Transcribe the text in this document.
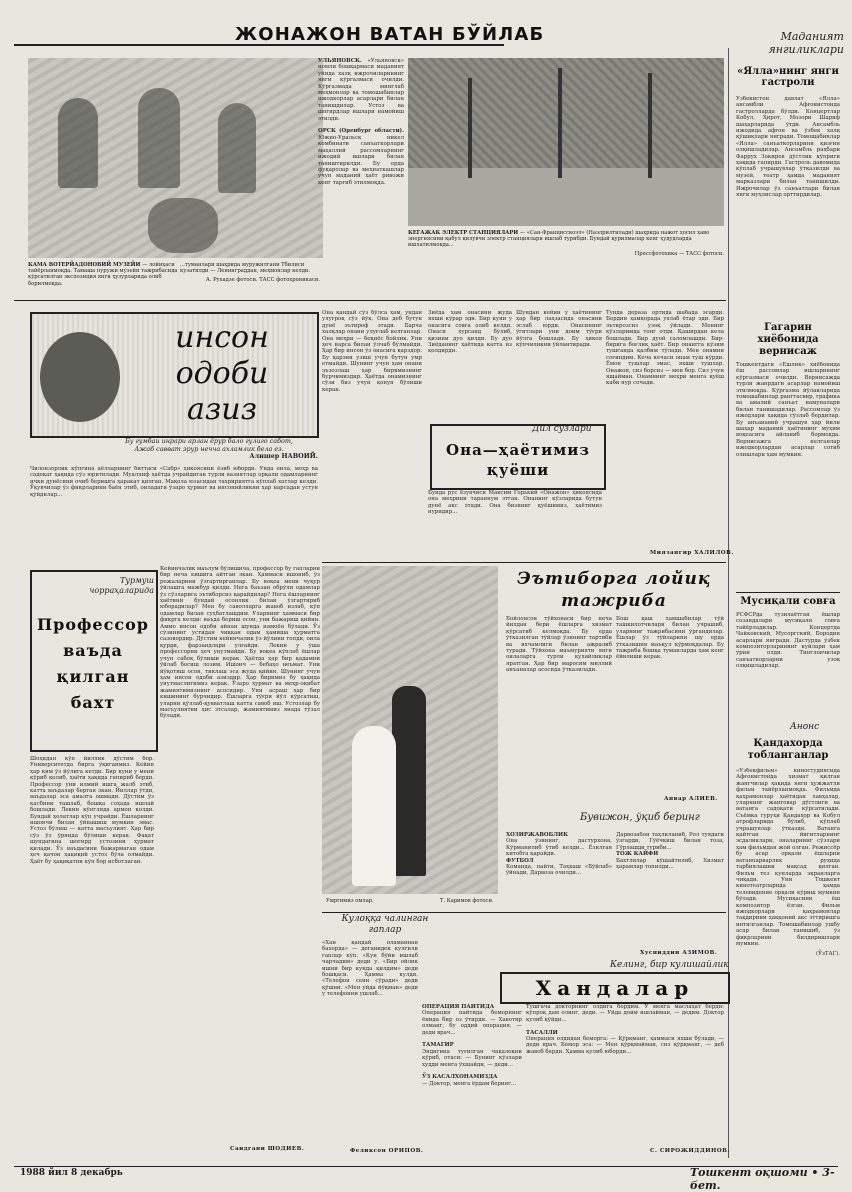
ЖОНАЖОН ВАТАН БЎЙЛАБ	Маданият янгиликлари
КАМА ВОТЕРЙАДОНОВИЙ МУЗЕЙИ — лойиҳаси тайёрланмоқда. Тамаша пуружи музейи тажрибасида кўрсатилган экспозиция янги ҳузурларида олиб борилмоқда.
...туманлари шаҳрида муружилгани Тбилиси кузатилди — Ленинграддан, меҳмонлар келди.
А. Рухадзе фотоси. ТАСС фотохроникаси.
УЛЬЯНОВСК. «Ульяновск» номли бошқармаси маданият уйида халқ ижрочиларининг янги кўргазмаси очилди. Кўргазмада минглаб меҳмонлар ва томошабинлар ижодкорлар асарлари билан танишдилар. Устоз ва шогирдлар ишлари намойиш этилди.

ОРСК (Оренбург области). Южно-Уральск никел комбинати санъаткорлари маҳаллий рассомларнинг ижодий ишлари билан таништирилди. Бу ерда фуқаролар ва меҳнаткашлар учун маданий ҳаёт ривожи кенг тарғиб этилмоқда.
КЕГАЖАК ЭЛЕКТР СТАНЦИЯЛАРИ — «Сан-Францисскоэл» (Наэлрилтилади) шаҳрида нажот ҳосил ҳаво энергиясини қабул қилувчи электр станциялари ишлаб турибди. Бундай қурилмалар кенг ҳудудларда ишлатилмоқда...
Прессфотохика — ТАСС фотоси.
«Ялла»нинг янги гастроли
Ўзбекистон давлат «Ялла» ансамбли Афғонистонда гастролларда бўлди. Концертлар Кобул, Ҳирот, Мозори Шариф шаҳарларида ўтди. Ансамбль ижодида афғон ва ўзбек халқ қўшиқлари янгради. Томошабинлар «Ялла» санъаткорларини қизғин олқишладилар. Ансамбль раҳбари Фаррух Зокиров дўстлик кўприги ҳақида гапирди. Гастроль давомида кўплаб учрашувлар ўтказилди ва музей, театр ҳамда маданият марказлари билан танишилди. Ижрочилар ўз санъатлари билан янги муҳлислар орттирдилар.
Гагарин хиёбонида вернисаж
Тошкентдаги «Ёшлик» хиёбонида ёш рассомлар ишларининг кўргазмаси очилди. Вернисажда турли жанрдаги асарлар намойиш этилмоқда. Кўргазма йўлакларида томошабинлар рангтасвир, графика ва амалий санъат намуналари билан танишадилар. Рассомлар ўз ижодлари ҳақида сўзлаб бердилар. Бу анъанавий учрашув ҳар йили шаҳар маданий ҳаётининг муҳим воқеасига айланиб бормоқда. Вернисажга келганлар ижодкорлардан асарлар сотиб олишлари ҳам мумкин.
Мусиқали совға
РСФСРда тузилаётган ёшлар созандалари мусиқали совға тайёрладилар. Концертда Чайковский, Мусоргский, Бородин асарлари янгради. Дастурда ўзбек композиторларининг куйлари ҳам ўрин олди. Тингловчилар санъаткорларни узоқ олқишладилар.
Анонс
Қандахорда тобланганлар
«Ўзбекфильм» киностудиясида Афғонистонда хизмат қилган жангчилар ҳақида янги ҳужжатли фильм тайёрланмоқда. Фильмда қаҳрамонлар ҳаётидан лавҳалар, уларнинг жанговар дўстлиги ва ватанга садоқати кўрсатилади. Съёмка гуруҳи Қандаҳор ва Кобул атрофларида бўлиб, кўплаб учрашувлар ўтказди. Ватанга қайтган йигитларнинг эсдаликлари, оналарнинг сўзлари ҳам фильмдан жой олган. Режиссёр бу асар орқали ёшларни ватанпарварлик руҳида тарбиялашни мақсад қилган. Фильм тез кунларда экранларга чиқади. Уни Тошкент кинотеатрларида ҳамда телевидение орқали кўриш мумкин бўлади. Мусиқасини ёш композитор ёзган. Фильм ижодкорлари қаҳрамонлар тақдирини ҳаққоний акс эттиришга интилганлар. Томошабинлар ушбу асар билан танишиб, ўз фикрларини билдиришлари мумкин.
(ЎзТАГ).
инсон одоби азиз
Бу гумбаи инрари арлан ёрур бало гулиго сабот,
Ажаб савват эрур нечча ахламлик бела ез.
Алишер НАВОИЙ.
Чилонзорлик кўпгина аёлларнинг биттаси «Сабр» ҳикоясини ёзиб юборди. Унда оила, меҳр ва садоқат ҳақида сўз юритилади. Муаллиф ҳаётда учрайдиган турли вазиятлар орқали одамларнинг ички дунёсини очиб беришга ҳаракат қилган. Мақола юзасидан тахририятга кўплаб хатлар келди. Ўқувчилар ўз фикрларини баён этиб, оиладаги ўзаро ҳурмат ва инсонийликни ҳар нарсадан устун қўйдилар...
Турмуш чорраҳаларида
Профессор ваъда қилган бахт
Шоҳидан кўп йиллик дўстим бор. Университетда бирга ўқиганмиз. Кейин ҳар ким ўз йўлига кетди. Бир куни у мени кўриб қолиб, ҳаёти ҳақида гапириб берди. Профессор уни илмий ишга жалб этиб, катта ваъдалар берган экан. Йиллар ўтди, ваъдалар эса амалга ошмади. Дўстим ўз касбини ташлаб, бошқа соҳада ишлай бошлади. Лекин кўнглида армон қолди. Бундай ҳолатлар кўп учрайди. Ёшларнинг ишончи билан ўйнашиш мумкин эмас. Устоз бўлиш — катта масъулият. Ҳар бир сўз ўз ўрнида бўлиши керак. Фақат шундагина шогирд устозини ҳурмат қилади. Ўз ваъдасини бажармаган одам ҳеч қачон ҳақиқий устоз бўла олмайди. Ҳаёт бу ҳақиқатни кўп бор исботлаган.
Кейинчалик маълум бўлишича, профессор бу гапларни бир неча кишига айтган экан. Ҳаммаси ишониб, ўз режаларини ўзгартирганлар. Бу воқеа мени чуқур ўйлашга мажбур қилди. Нега баъзан обрўли одамлар ўз сўзларига эътиборсиз қарайдилар? Нега ёшларнинг ҳаётини бундай осонлик билан ўзгартириб юборадилар? Мен бу саволларга жавоб излаб, кўп одамлар билан суҳбатлашдим. Уларнинг ҳаммаси бир фикрга келди: ваъда бериш осон, уни бажариш қийин. Аммо инсон одоби айнан шунда намоён бўлади. Ўз сўзининг устидан чиққан одам ҳамиша ҳурматга сазовордир. Дўстим кейинчалик ўз йўлини топди, оила қурди, фарзандлари улғайди. Лекин у ўша профессорни ҳеч унутмайди. Бу воқеа кўплаб ёшлар учун сабоқ бўлиши керак. Ҳаётда ҳар бир қадамни ўйлаб босиш лозим. Ишонч — бебаҳо неъмат. Уни йўқотиш осон, тиклаш эса жуда қийин. Шунинг учун ҳам инсон одоби азиздир. Ҳар биримиз бу ҳақида унутмаслигимиз керак. Ўзаро ҳурмат ва меҳр-оқибат жамиятимизнинг асосидир. Уни асраш ҳар бир кишининг бурчидир. Ёшларга тўғри йўл кўрсатиш, уларни қўллаб-қувватлаш катта савоб иш. Устозлар бу масъулиятни ҳис этсалар, жамиятимиз янада гўзал бўлади.
Саидгани ШОДИЕВ.
Она қандай сўз бўлса ҳам, ундан улуғроқ сўз йўқ. Она деб бутун дунё эътироф этади. Барча халқлар онани улуғлаб келганлар. Она меҳри — беқиёс бойлик. Уни ҳеч нарса билан ўлчаб бўлмайди. Ҳар бир инсон ўз онасига қарздор. Бу қарзни узиш учун бутун умр етмайди. Шунинг учун ҳам онани эъзозлаш ҳар биримизнинг бурчимиздир. Ҳаётда онамизнинг сўзи биз учун қонун бўлиши керак.
Зиёда ҳам онасини жуда яхши кўрар эди. Бир куни у онасига совға олиб келди. Онаси хурсанд бўлиб, қизини дуо қилди. Бу дуо Зиёданинг ҳаётида катта из қолдирди.
Шундан кейин у ҳаётининг ҳар бир лаҳзасида онасини эслаб юрди. Онасининг ўгитлари уни доим тўғри йўлга бошлади. Бу ҳикоя кўпчиликни ўйлантиради.
Тунда дераза ортида шабада эсарди. Бердин ҳамқорада ухлаб ётар эди. Бир эътирозсиз узоқ ўйлади. Менинг кўзларимда тонг отди. Қаширдан кела бошлади. Бир дуой саломлашди. Бир-бирига боғлиқ ҳаёт. Бир онангга кўзим тушганда қалбим тўлади. Мен онамни соғиндим. Кеча кечаси онам туш кўрди. Ёмон тушлар эмас, яхши тушлар. Онажон, сиз борсиз — мен бор. Сиз учун яшайман. Онамнинг меҳри менга қуёш каби нур сочади.
Дил сўзлари
Она—ҳаётимиз қуёши
Бунда рус ёзувчиси Максим Горький «Онажон» ҳикоясида она меҳрини тараннум этган. Онанинг кўзларида бутун дунё акс этади. Она бизнинг қуёшимиз, ҳаётимиз нуридир...
Миязангир ХАЛИЛОВ.
Умргимиз омлар.	Т. Каримов фотоси.
Эътиборга лойиқ тажриба
Бойлонсон тўйхонаси бир неча йилдан бери ёшларга хизмат кўрсатиб келмоқда. Бу ерда ўтказилган тўйлар ўзининг тартиби ва ихчамлиги билан ажралиб туради. Тўйхона маъмурияти янги оилаларга турли қулайликлар яратган. Ҳар бир маросим миллий анъаналар асосида ўтказилади.
Бош қаш ҳамшабилар тўй ташкилотчилари билан учрашиб, уларнинг тажрибасини ўргандилар. Ёшлар ўз тўйларини шу ерда ўтказишни маъқул кўрмоқдалар. Бу тажриба бошқа туманларда ҳам кенг ёйилиши керак.
Анвар АЛИЕВ.
Бувижон, ўқиб беринг
ХОЗИРЖАВОБЛИК
Она ўзининг, дастурхона, Кўрманилиб ўтиб келди... Ёзилган китобга қарайди.
ФУТБОЛ
Команда, пайти, Таҳкаш «Бўйлаб» ўйнади, Дарвоза очилди...
Дарвозабон таҳлиланиб, Рол туядаги ўзгарди, Гўёчқиш билан тоза, Гўрлашди туриби...
ТОЖ КАЙФИ
Бахтлилар кўшайтилиб, Хизмат ҳарамлар топилди...
Хусниддин АЗИМОВ.
Кулоққа чалинган гаплар
Келинг, бир кулишайлик
Хандалар
«Хан қандай оламаннан бахорда» — деганидек кулгили гаплар кўп. «Кун бўйи ишлаб чарчадим» деди у. «Бир ойлик ишни бир кунда қилдим» деди бошқаси. Ҳамма кулди. «Телефон сени сўради» деди қўшни. «Мен уйда йўқман» деди у телефонни ушлаб...
Феликсон ОРИПОВ.
ОПЕРАЦИЯ ПАЙТИДА
Операция пайтида беморнинг ёнида бир оз ўтирди. — Хавотир олманг, бу оддий операция, — деди врач...

ТАМАГИР
Эндигина туғилган чақалоқни кўриб, отаси: — Бунинг кўзлари худди менга ўхшайди, — деди...

ЎЗ КАСАЛХОНАМИЗДА
— Доктор, менга ёрдам беринг...
Тушгача докторнинг олдига бордим. У менга маслаҳат берди: кўпроқ дам олинг, деди. — Уйда доим ишлайман, — дедим. Доктор кулиб қўйди...

ТАСАЛЛИ
Операция олдидан беморга: — Қўрқманг, ҳаммаси яхши бўлади, — деди врач. Бемор эса: — Мен қўрқмайман, сиз қўрқманг, — деб жавоб берди. Ҳамма кулиб юборди...
С. СИРОЖИДДИНОВ.
1988 йил 8 декабрь	Тошкент оқшоми • 3-бет.
